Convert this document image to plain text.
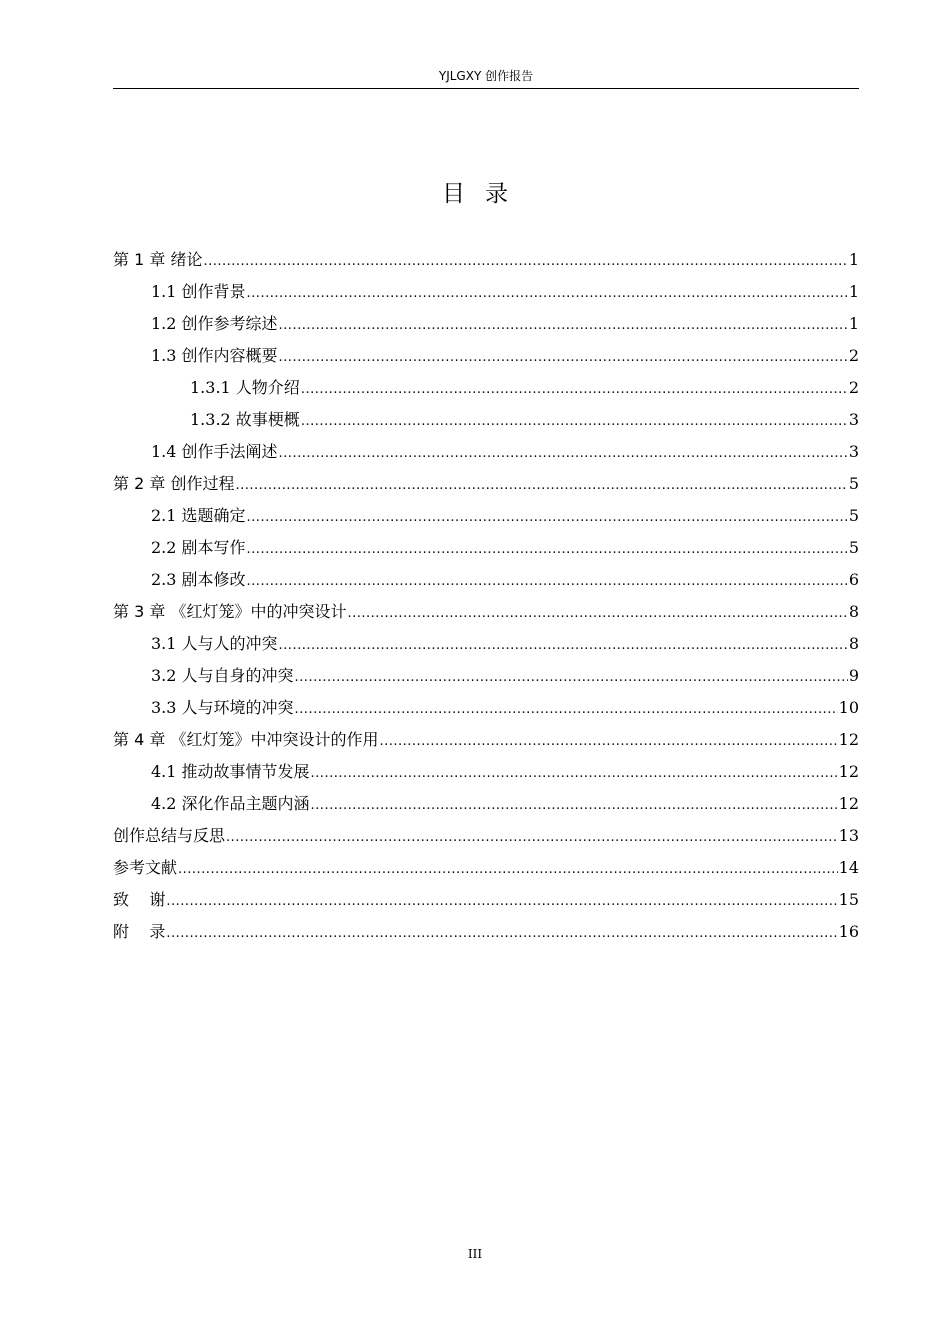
YJLGXY 创作报告
目录
第 1 章 绪论 .....	1
1.1 创作背景 .....	1
1.2 创作参考综述 .....	1
1.3 创作内容概要 .....	2
1.3.1 人物介绍 .....	2
1.3.2 故事梗概 .....	3
1.4 创作手法阐述 .....	3
第 2 章 创作过程 .....	5
2.1 选题确定 .....	5
2.2 剧本写作 .....	5
2.3 剧本修改 .....	6
第 3 章 《红灯笼》中的冲突设计 .....	8
3.1 人与人的冲突 .....	8
3.2 人与自身的冲突 .....	9
3.3 人与环境的冲突 .....	10
第 4 章 《红灯笼》中冲突设计的作用 .....	12
4.1 推动故事情节发展 .....	12
4.2 深化作品主题内涵 .....	12
创作总结与反思 .....	13
参考文献 .....	14
致    谢 .....	15
附    录 .....	16
III
